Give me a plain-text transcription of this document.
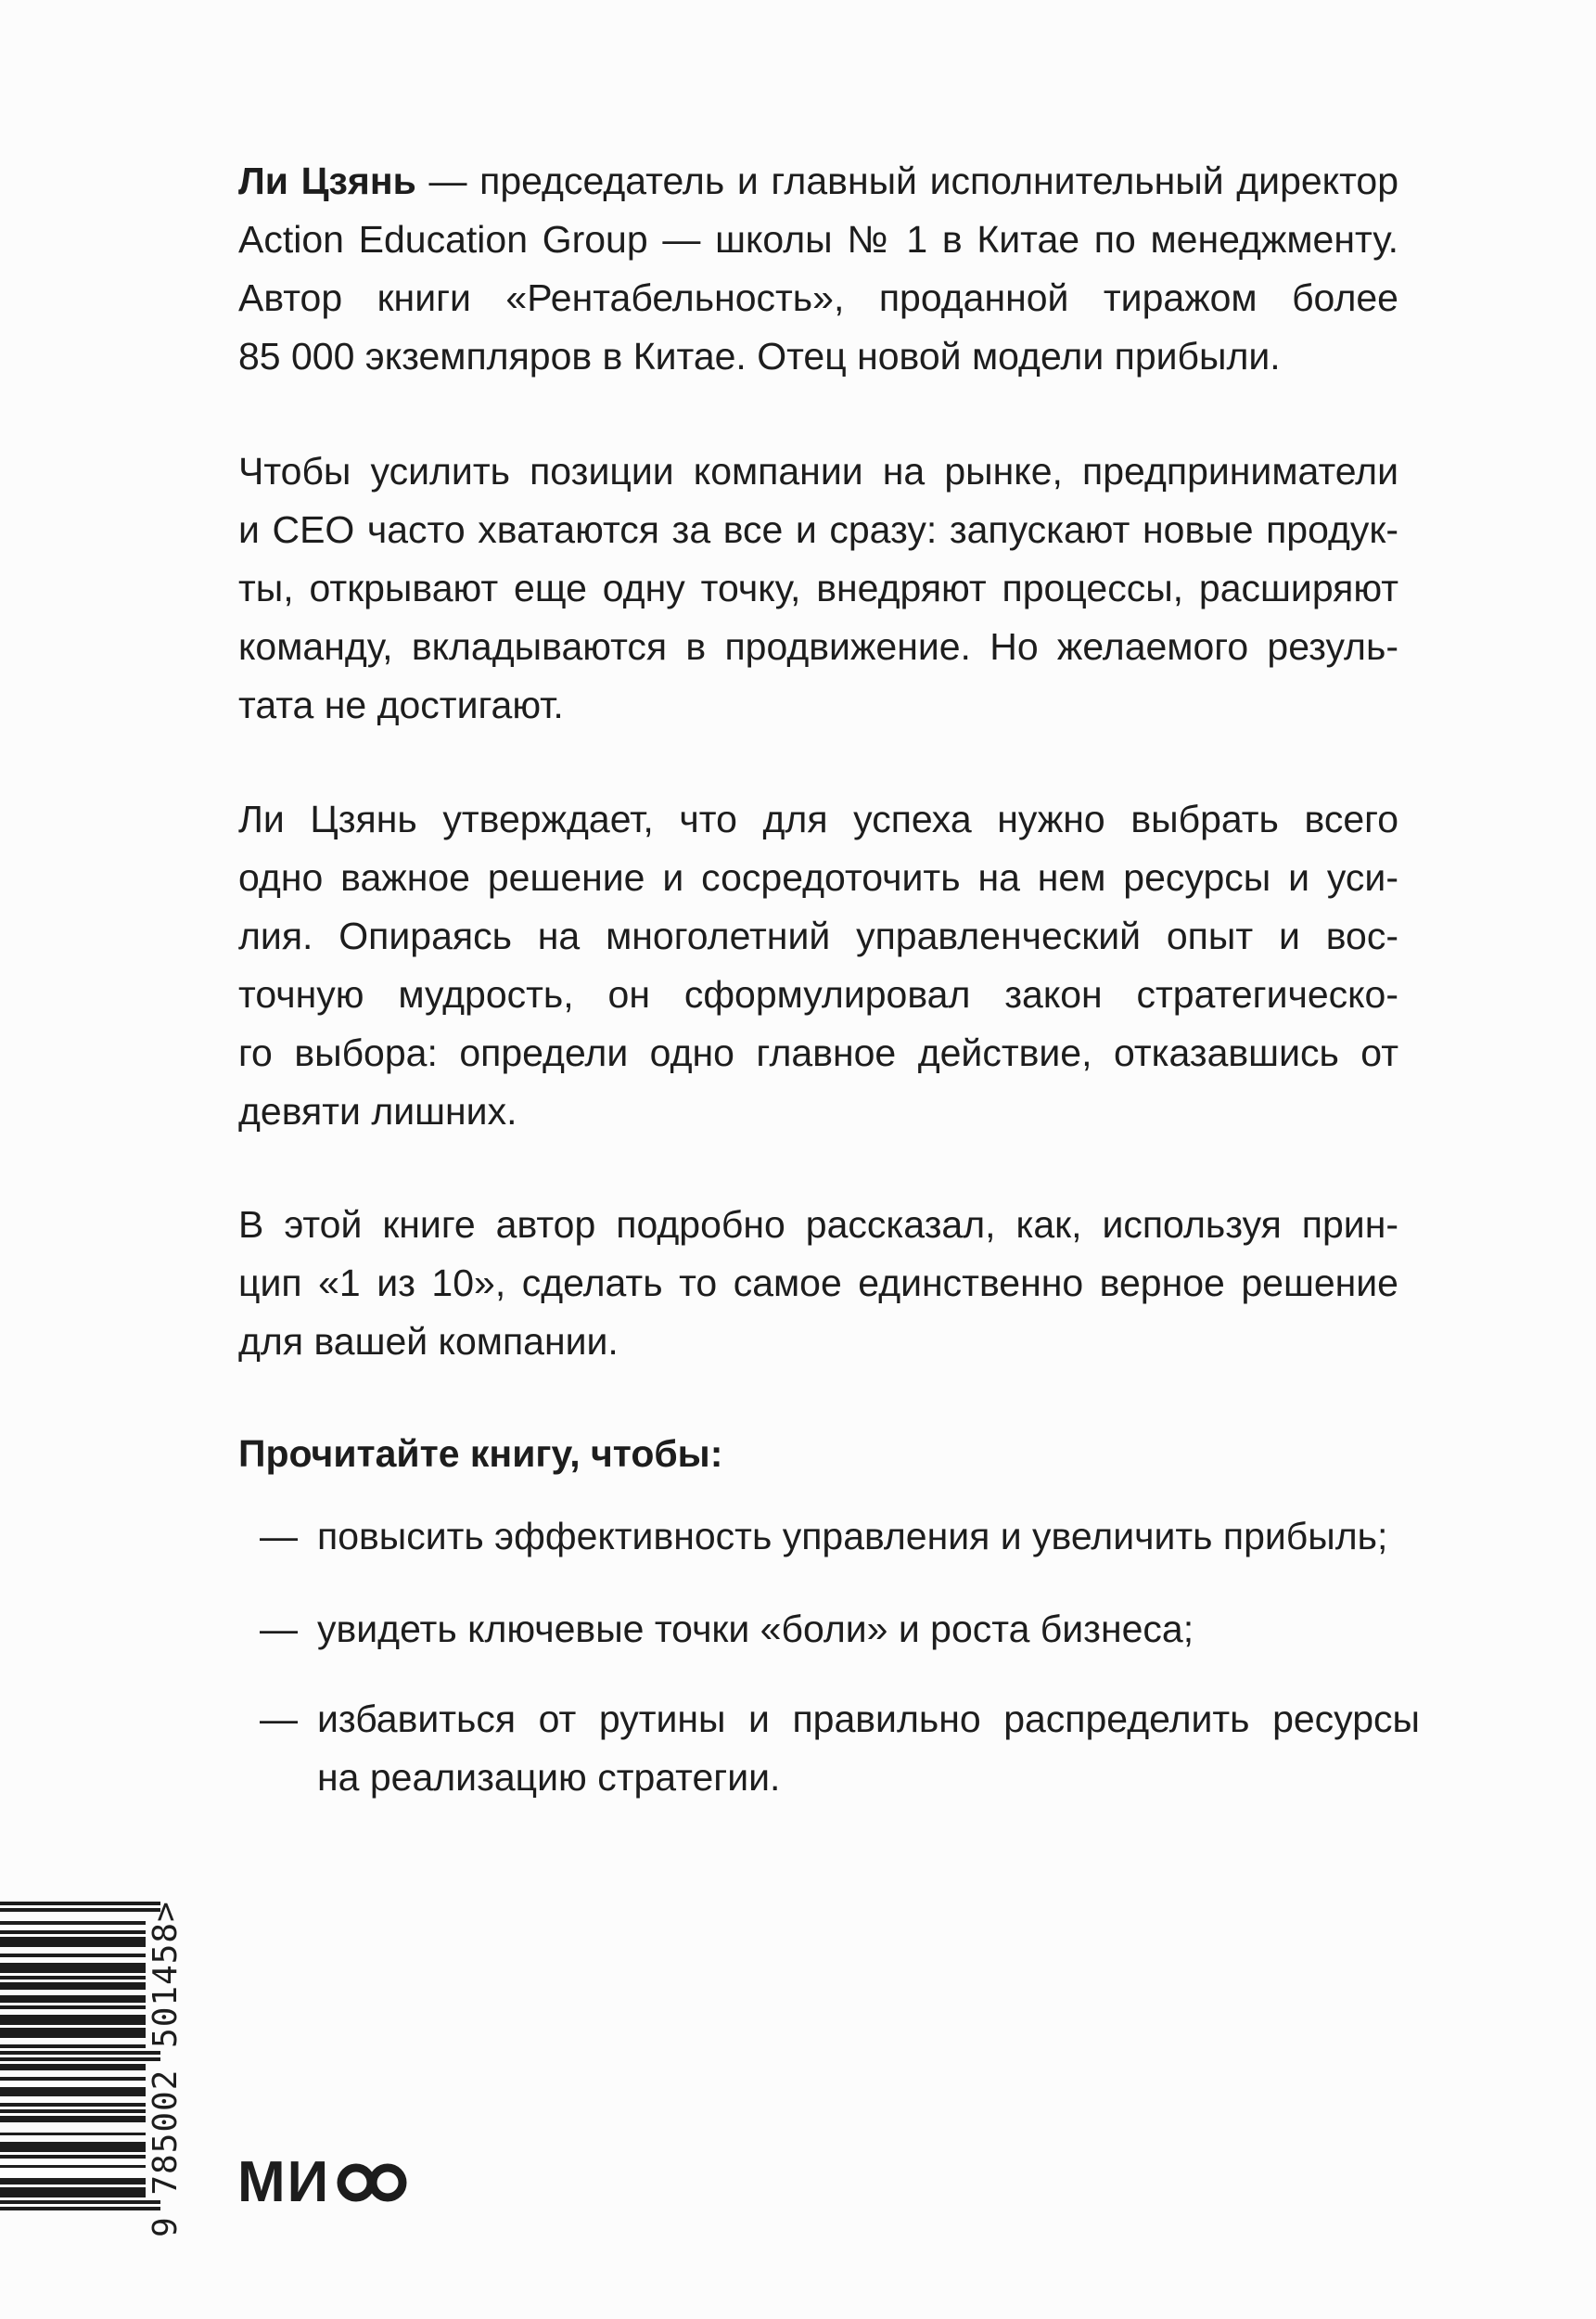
Ли Цзянь — председатель и главный исполнительный директор
Action Education Group — школы № 1 в Китае по менеджменту.
Автор книги «Рентабельность», проданной тиражом более
85 000 экземпляров в Китае. Отец новой модели прибыли.
Чтобы усилить позиции компании на рынке, предприниматели
и CEO часто хватаются за все и сразу: запускают новые продук-
ты, открывают еще одну точку, внедряют процессы, расширяют
команду, вкладываются в продвижение. Но желаемого резуль-
тата не достигают.
Ли Цзянь утверждает, что для успеха нужно выбрать всего
одно важное решение и сосредоточить на нем ресурсы и уси-
лия. Опираясь на многолетний управленческий опыт и вос-
точную мудрость, он сформулировал закон стратегическо-
го выбора: определи одно главное действие, отказавшись от
девяти лишних.
В этой книге автор подробно рассказал, как, используя прин-
цип «1 из 10», сделать то самое единственно верное решение
для вашей компании.
Прочитайте книгу, чтобы:
— повысить эффективность управления и увеличить прибыль;
— увидеть ключевые точки «боли» и роста бизнеса;
— избавиться от рутины и правильно распределить ресурсы
на реализацию стратегии.
9 785002 501458>
МИ
